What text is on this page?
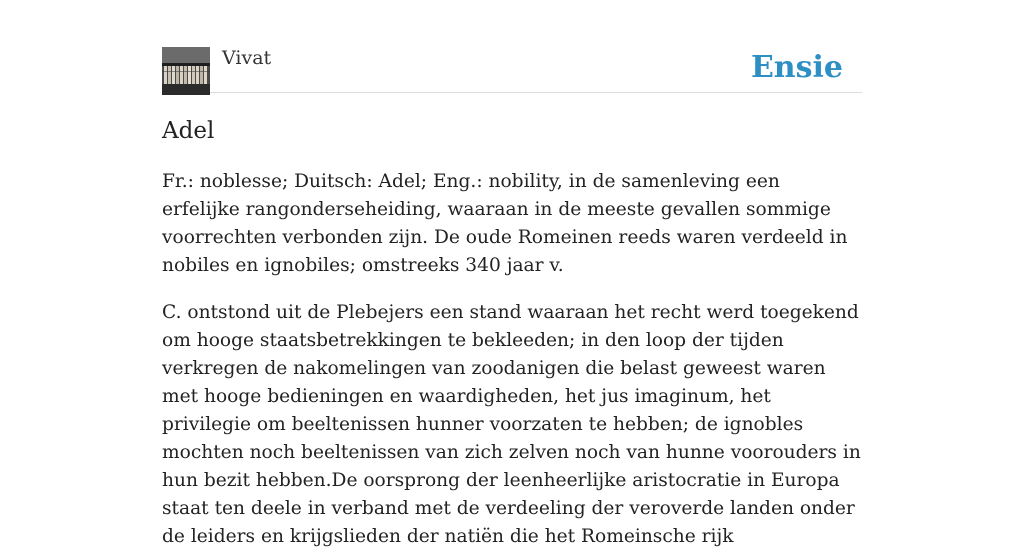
Vivat	Ensie
Adel

Fr.: noblesse; Duitsch: Adel; Eng.: nobility, in de samenleving een erfelijke rangonderseheiding, waaraan in de meeste gevallen sommige voorrechten verbonden zijn. De oude Romeinen reeds waren verdeeld in nobiles en ignobiles; omstreeks 340 jaar v.

C. ontstond uit de Plebejers een stand waaraan het recht werd toegekend om hooge staatsbetrekkingen te bekleeden; in den loop der tijden verkregen de nakomelingen van zoodanigen die belast geweest waren met hooge bedieningen en waardigheden, het jus imaginum, het privilegie om beeltenissen hunner voorzaten te hebben; de ignobles mochten noch beeltenissen van zich zelven noch van hunne voorouders in hun bezit hebben.De oorsprong der leenheerlijke aristocratie in Europa staat ten deele in verband met de verdeeling der veroverde landen onder de leiders en krijgslieden der natiën die het Romeinsche rijk
